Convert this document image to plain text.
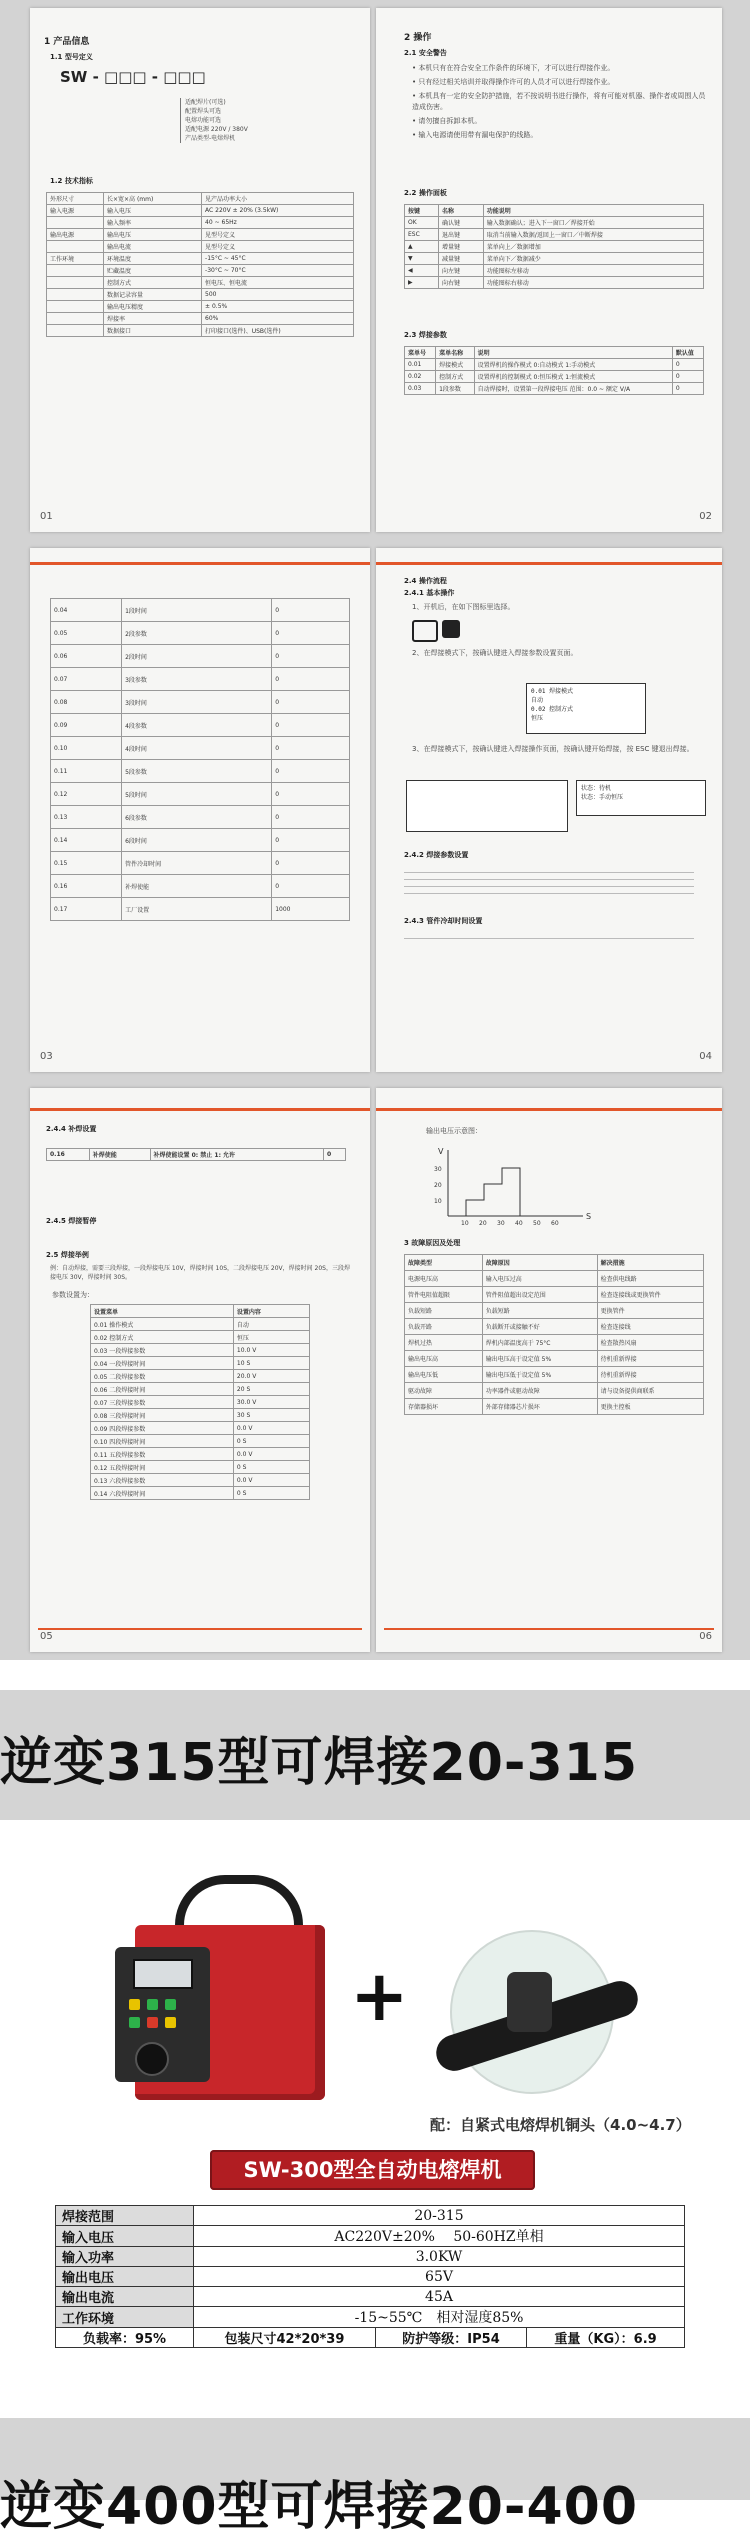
1 产品信息
1.1 型号定义
SW - □□□ - □□□
适配焊片(可选)
配置焊头可选
电熔功能可选
适配电源 220V / 380V
产品类型-电熔焊机
1.2 技术指标
外形尺寸	长×宽×高 (mm)	见产品功率大小
输入电源	输入电压	AC 220V ± 20% (3.5kW)
	输入频率	40 ~ 65Hz
输出电源	输出电压	见型号定义
	输出电流	见型号定义
工作环境	环境温度	-15°C ~ 45°C
	贮藏温度	-30°C ~ 70°C
	控制方式	恒电压、恒电流
	数据记录容量	500
	输出电压精度	± 0.5%
	焊接率	60%
	数据接口	打印接口(选件)、USB(选件)
01
2 操作
2.1 安全警告
• 本机只有在符合安全工作条件的环境下，才可以进行焊接作业。
• 只有经过相关培训并取得操作许可的人员才可以进行焊接作业。
• 本机具有一定的安全防护措施，若不按说明书进行操作，将有可能对机器、操作者或周围人员造成伤害。
• 请勿擅自拆卸本机。
• 输入电源请使用带有漏电保护的线路。
2.2 操作面板
按键	名称	功能说明
OK	确认键	输入数据确认；进入下一窗口／焊接开始
ESC	退出键	取消当前输入数据/返回上一窗口／中断焊接
▲	增量键	菜单向上／数据增加
▼	减量键	菜单向下／数据减少
◀	向左键	功能图标左移动
▶	向右键	功能图标右移动
2.3 焊接参数
菜单号	菜单名称	说明	默认值
0.01	焊接模式	设置焊机的操作模式 0:自动模式 1:手动模式	0
0.02	控制方式	设置焊机的控制模式 0:恒压模式 1:恒流模式	0
0.03	1段参数	自动焊接时，设置第一段焊接电压 范围：0.0 ~ 额定 V/A	0
02
0.04	1段时间	0
0.05	2段参数	0
0.06	2段时间	0
0.07	3段参数	0
0.08	3段时间	0
0.09	4段参数	0
0.10	4段时间	0
0.11	5段参数	0
0.12	5段时间	0
0.13	6段参数	0
0.14	6段时间	0
0.15	管件冷却时间	0
0.16	补焊使能	0
0.17	工厂设置	1000
03
2.4 操作流程
2.4.1 基本操作
1、开机后，在如下图标里选择。
2、在焊接模式下，按确认键进入焊接参数设置页面。
0.01 焊接模式
自动
0.02 控制方式
恒压
3、在焊接模式下，按确认键进入焊接操作页面，按确认键开始焊接，按 ESC 键退出焊接。
状态：待机
状态：手动恒压
2.4.2 焊接参数设置
2.4.3 管件冷却时间设置
04
2.4.4 补焊设置
0.16	补焊使能	补焊使能设置 0: 禁止 1: 允许	0
2.4.5 焊接暂停
2.5 焊接举例
例：自动焊接，需要三段焊接，一段焊接电压 10V，焊接时间 10S，二段焊接电压 20V，焊接时间 20S，三段焊接电压 30V，焊接时间 30S。
参数设置为：
设置菜单	设置内容
0.01 操作模式	自动
0.02 控制方式	恒压
0.03 一段焊接参数	10.0 V
0.04 一段焊接时间	10 S
0.05 二段焊接参数	20.0 V
0.06 二段焊接时间	20 S
0.07 三段焊接参数	30.0 V
0.08 三段焊接时间	30 S
0.09 四段焊接参数	0.0 V
0.10 四段焊接时间	0 S
0.11 五段焊接参数	0.0 V
0.12 五段焊接时间	0 S
0.13 六段焊接参数	0.0 V
0.14 六段焊接时间	0 S
05
输出电压示意图：
V
S
30
20
10
10 20 30 40 50 60
3 故障原因及处理
故障类型	故障原因	解决措施
电源电压高	输入电压过高	检查供电线路
管件电阻值超限	管件阻值超出设定范围	检查连接线或更换管件
负载短路	负载短路	更换管件
负载开路	负载断开或接触不好	检查连接线
焊机过热	焊机内部温度高于 75°C	检查散热风扇
输出电压高	输出电压高于设定值 5%	待机重新焊接
输出电压低	输出电压低于设定值 5%	待机重新焊接
驱动故障	功率器件或驱动故障	请与设备提供商联系
存储器损坏	外部存储器芯片损坏	更换主控板
06
逆变315型可焊接20-315
+
配：自紧式电熔焊机铜头（4.0~4.7）
SW-300型全自动电熔焊机
焊接范围	20-315		
输入电压	AC220V±20%　 50-60HZ单相		
输入功率	3.0KW		
输出电压	65V		
输出电流	45A		
工作环境	-15~55℃　相对湿度85%		
负载率：95%	包装尺寸42*20*39	防护等级：IP54	重量（KG）：6.9
逆变400型可焊接20-400
